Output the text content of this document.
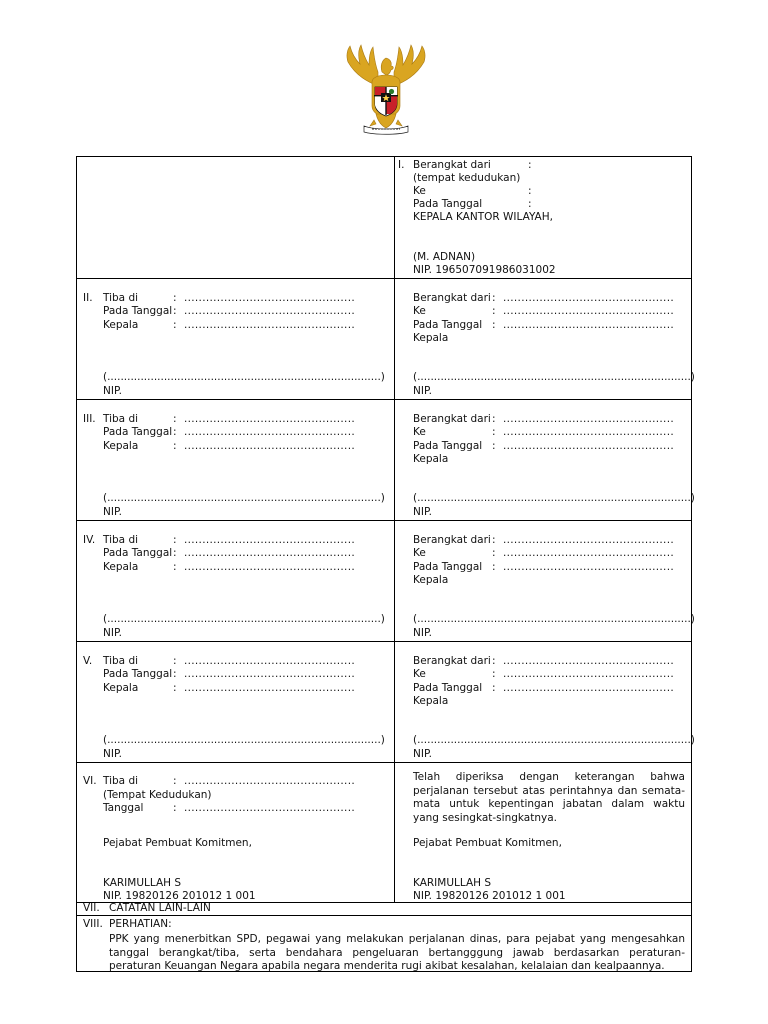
I. Berangkat dari	:
(tempat kedudukan)
Ke	:
Pada Tanggal	:
KEPALA KANTOR WILAYAH,
(M. ADNAN)
NIP. 196507091986031002
II. Tiba di	: ...............................................
Pada Tanggal : ...............................................
Kepala	: ...............................................
(..................................................................................)
NIP.
Berangkat dari : ...............................................
Ke	: ...............................................
Pada Tanggal : ...............................................
Kepala
(..................................................................................)
NIP.
III. Tiba di	: ...............................................
Pada Tanggal : ...............................................
Kepala	: ...............................................
(..................................................................................)
NIP.
Berangkat dari : ...............................................
Ke	: ...............................................
Pada Tanggal : ...............................................
Kepala
(..................................................................................)
NIP.
IV. Tiba di	: ...............................................
Pada Tanggal : ...............................................
Kepala	: ...............................................
(..................................................................................)
NIP.
Berangkat dari : ...............................................
Ke	: ...............................................
Pada Tanggal : ...............................................
Kepala
(..................................................................................)
NIP.
V. Tiba di	: ...............................................
Pada Tanggal : ...............................................
Kepala	: ...............................................
(..................................................................................)
NIP.
Berangkat dari : ...............................................
Ke	: ...............................................
Pada Tanggal : ...............................................
Kepala
(..................................................................................)
NIP.
VI. Tiba di	: ...............................................
(Tempat Kedudukan)
Tanggal	: ...............................................
Pejabat Pembuat Komitmen,
KARIMULLAH S
NIP. 19820126 201012 1 001
Telah diperiksa dengan keterangan bahwa perjalanan tersebut atas perintahnya dan semata-mata untuk kepentingan jabatan dalam waktu yang sesingkat-singkatnya.
Pejabat Pembuat Komitmen,
KARIMULLAH S
NIP. 19820126 201012 1 001
VII. CATATAN LAIN-LAIN
VIII. PERHATIAN:
PPK yang menerbitkan SPD, pegawai yang melakukan perjalanan dinas, para pejabat yang mengesahkan tanggal berangkat/tiba, serta bendahara pengeluaran bertangggung jawab berdasarkan peraturan-peraturan Keuangan Negara apabila negara menderita rugi akibat kesalahan, kelalaian dan kealpaannya.
